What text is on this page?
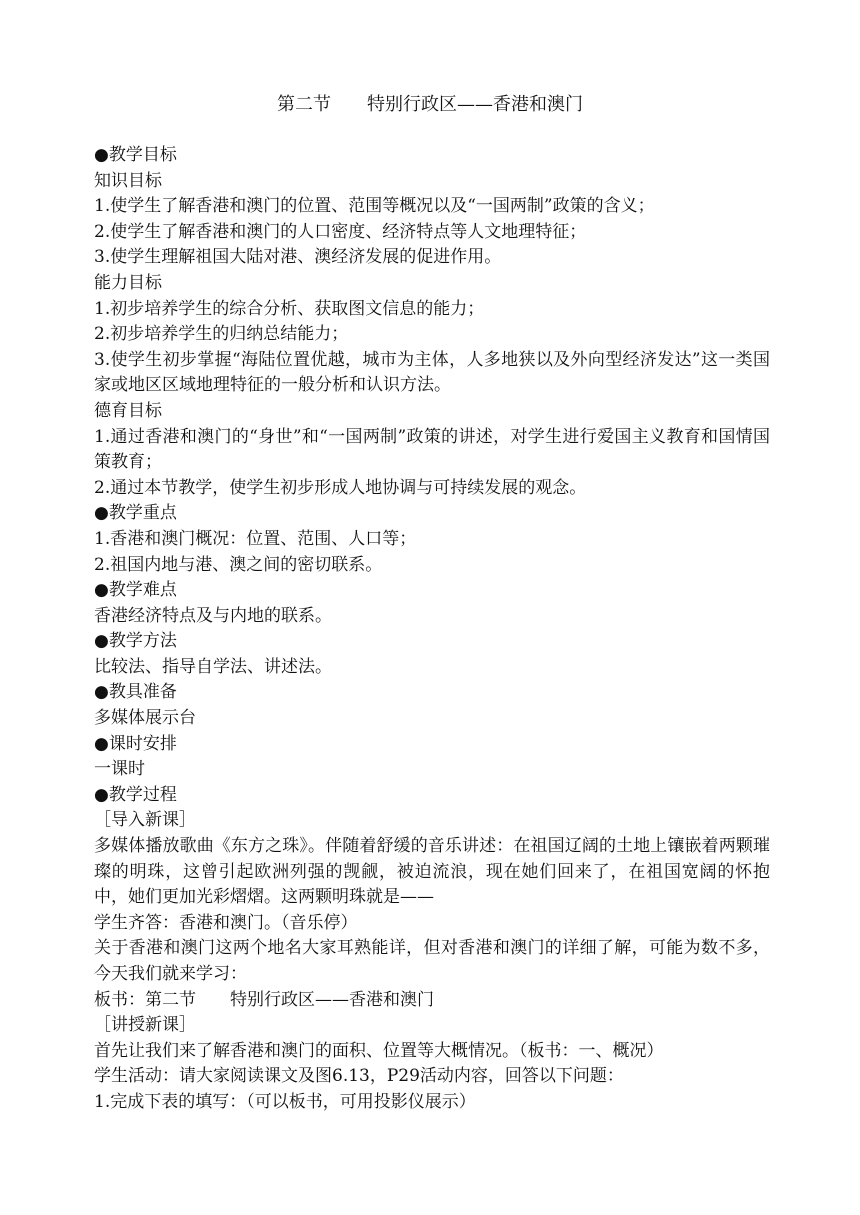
第二节　　特别行政区——香港和澳门
●教学目标
知识目标
1.使学生了解香港和澳门的位置、范围等概况以及“一国两制”政策的含义；
2.使学生了解香港和澳门的人口密度、经济特点等人文地理特征；
3.使学生理解祖国大陆对港、澳经济发展的促进作用。
能力目标
1.初步培养学生的综合分析、获取图文信息的能力；
2.初步培养学生的归纳总结能力；
3.使学生初步掌握“海陆位置优越，城市为主体，人多地狭以及外向型经济发达”这一类国家或地区区域地理特征的一般分析和认识方法。
德育目标
1.通过香港和澳门的“身世”和“一国两制”政策的讲述，对学生进行爱国主义教育和国情国策教育；
2.通过本节教学，使学生初步形成人地协调与可持续发展的观念。
●教学重点
1.香港和澳门概况：位置、范围、人口等；
2.祖国内地与港、澳之间的密切联系。
●教学难点
香港经济特点及与内地的联系。
●教学方法
比较法、指导自学法、讲述法。
●教具准备
多媒体展示台
●课时安排
一课时
●教学过程
［导入新课］
多媒体播放歌曲《东方之珠》。伴随着舒缓的音乐讲述：在祖国辽阔的土地上镶嵌着两颗璀璨的明珠，这曾引起欧洲列强的觊觎，被迫流浪，现在她们回来了，在祖国宽阔的怀抱中，她们更加光彩熠熠。这两颗明珠就是——
学生齐答：香港和澳门。（音乐停）
关于香港和澳门这两个地名大家耳熟能详，但对香港和澳门的详细了解，可能为数不多，今天我们就来学习：
板书：第二节　　特别行政区——香港和澳门
［讲授新课］
首先让我们来了解香港和澳门的面积、位置等大概情况。（板书：一、概况）
学生活动：请大家阅读课文及图6.13，P29活动内容，回答以下问题：
1.完成下表的填写：（可以板书，可用投影仪展示）
